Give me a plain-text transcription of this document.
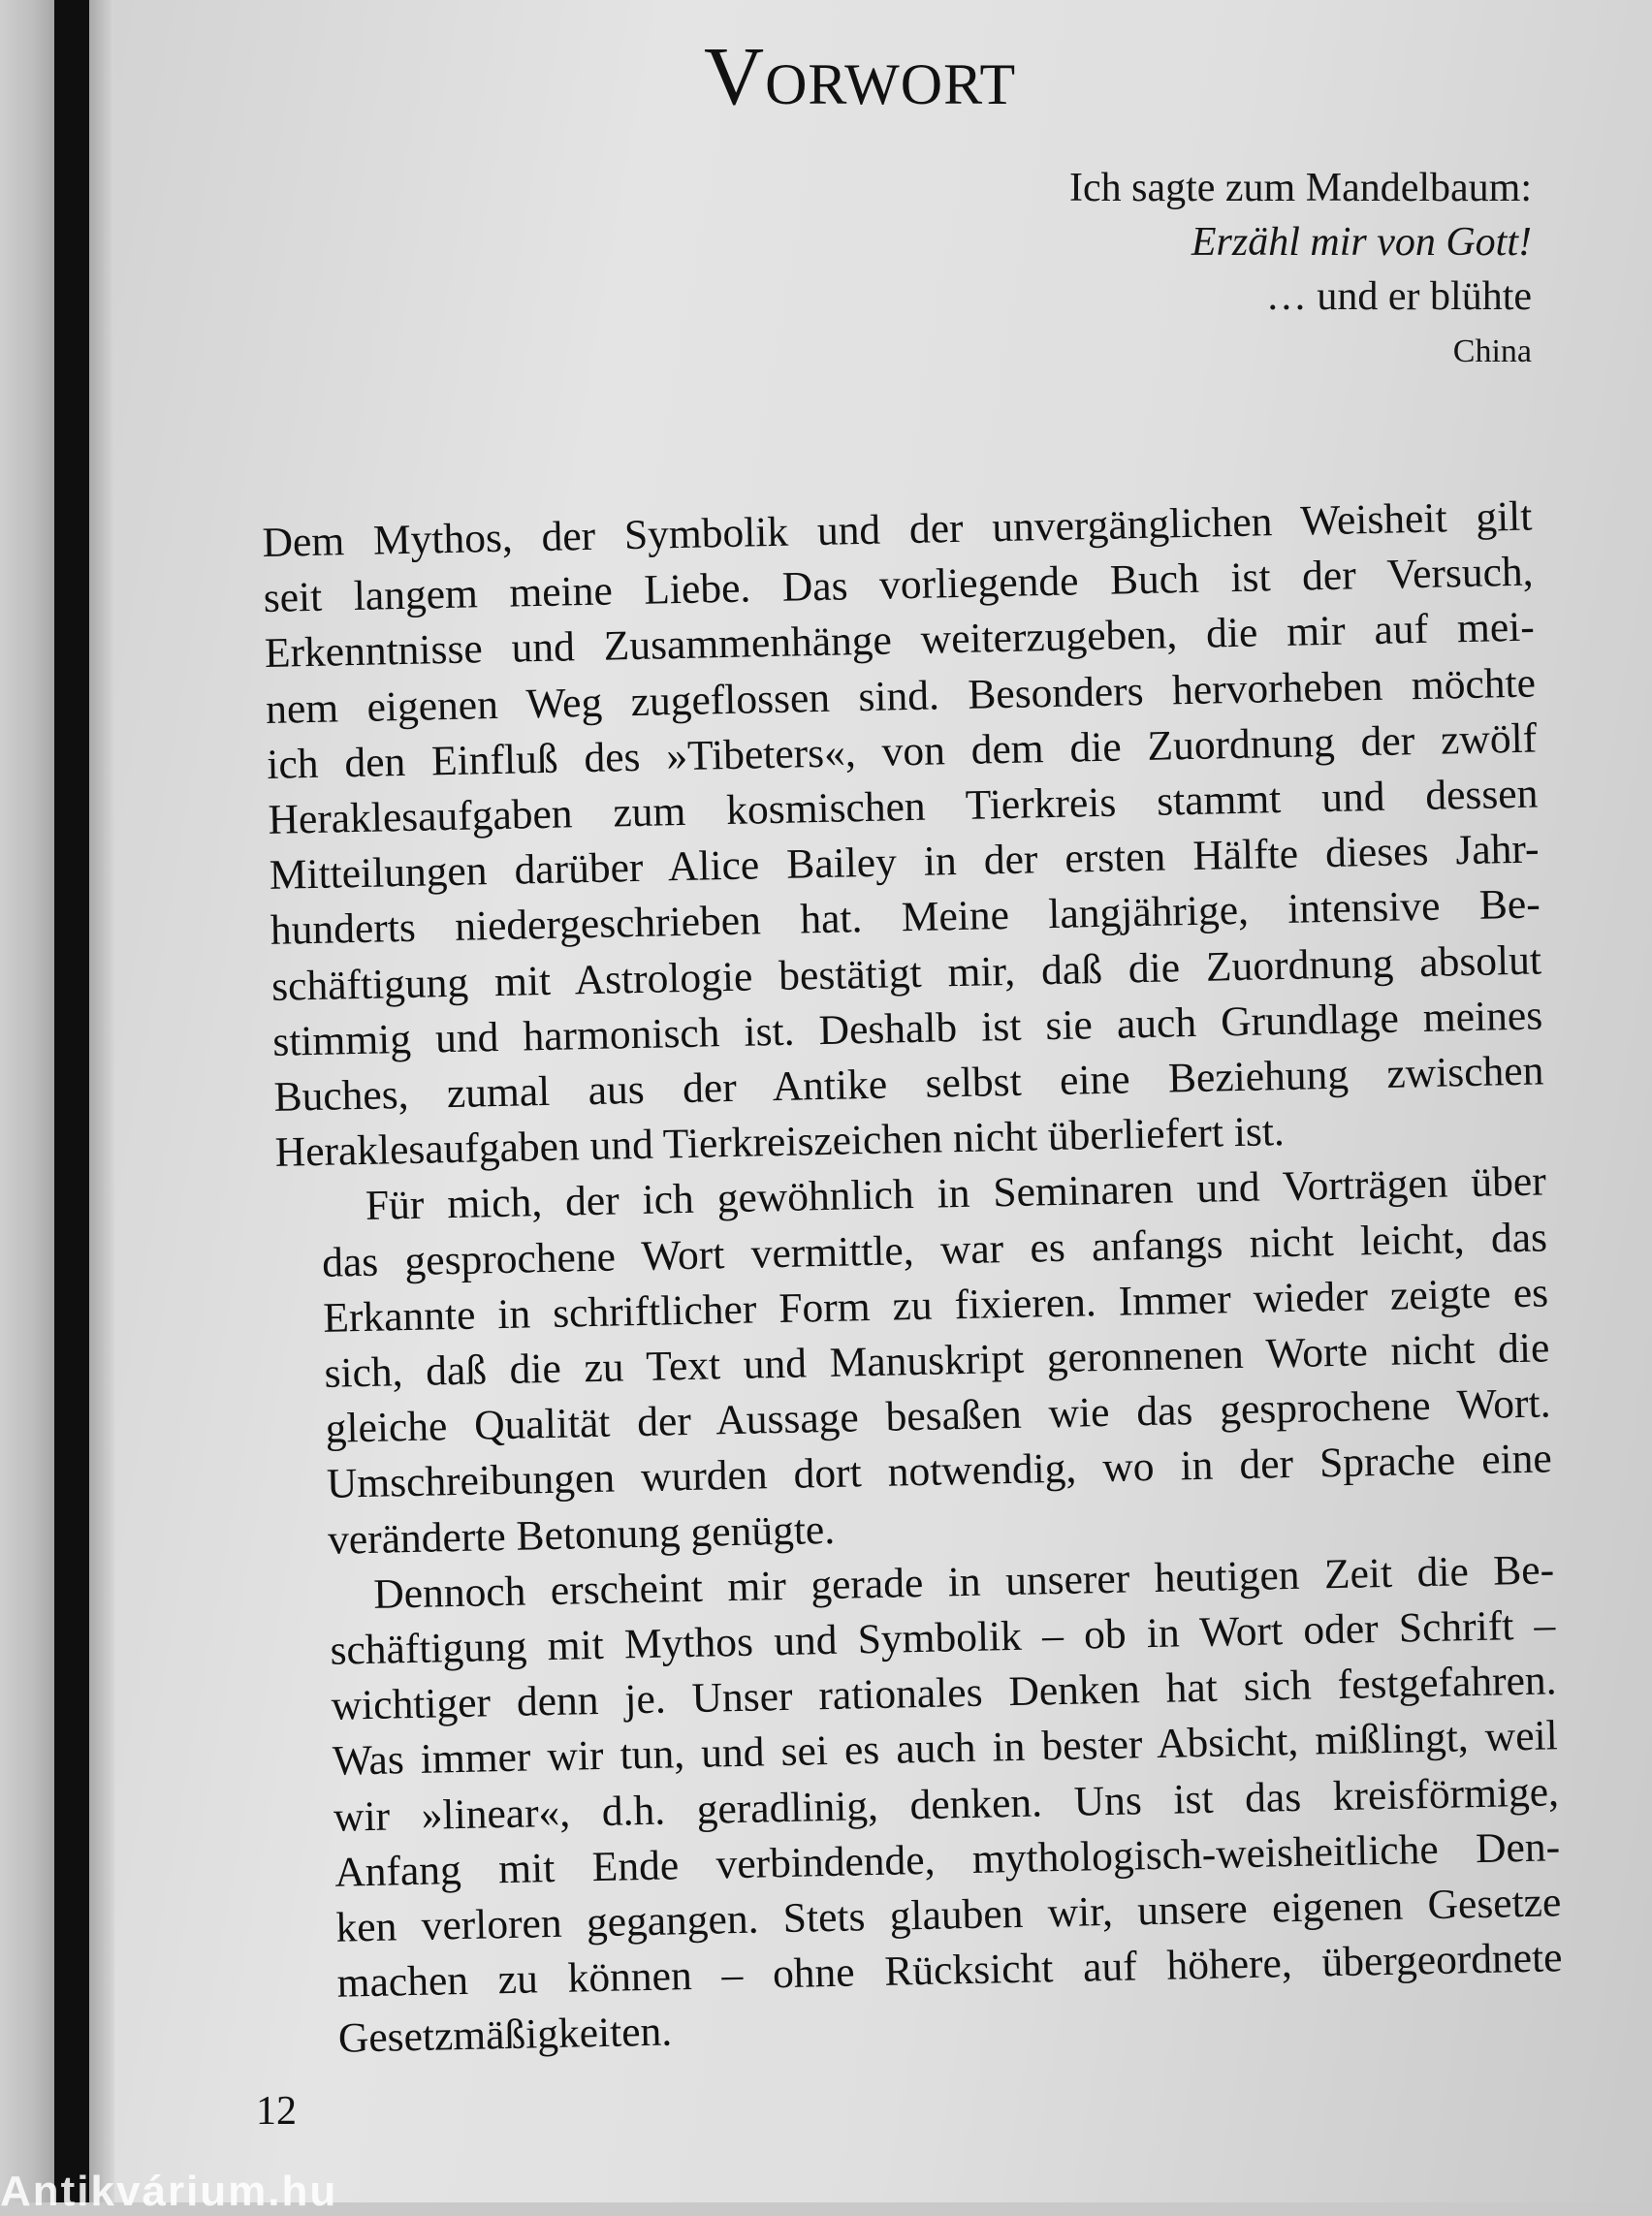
Vorwort
Ich sagte zum Mandelbaum:
Erzähl mir von Gott!
… und er blühte
China

Dem Mythos, der Symbolik und der unvergänglichen Weisheit gilt
seit langem meine Liebe. Das vorliegende Buch ist der Versuch,
Erkenntnisse und Zusammenhänge weiterzugeben, die mir auf mei-
nem eigenen Weg zugeflossen sind. Besonders hervorheben möchte
ich den Einfluß des »Tibeters«, von dem die Zuordnung der zwölf
Heraklesaufgaben zum kosmischen Tierkreis stammt und dessen
Mitteilungen darüber Alice Bailey in der ersten Hälfte dieses Jahr-
hunderts niedergeschrieben hat. Meine langjährige, intensive Be-
schäftigung mit Astrologie bestätigt mir, daß die Zuordnung absolut
stimmig und harmonisch ist. Deshalb ist sie auch Grundlage meines
Buches, zumal aus der Antike selbst eine Beziehung zwischen
Heraklesaufgaben und Tierkreiszeichen nicht überliefert ist.

Für mich, der ich gewöhnlich in Seminaren und Vorträgen über
das gesprochene Wort vermittle, war es anfangs nicht leicht, das
Erkannte in schriftlicher Form zu fixieren. Immer wieder zeigte es
sich, daß die zu Text und Manuskript geronnenen Worte nicht die
gleiche Qualität der Aussage besaßen wie das gesprochene Wort.
Umschreibungen wurden dort notwendig, wo in der Sprache eine
veränderte Betonung genügte.

Dennoch erscheint mir gerade in unserer heutigen Zeit die Be-
schäftigung mit Mythos und Symbolik – ob in Wort oder Schrift –
wichtiger denn je. Unser rationales Denken hat sich festgefahren.
Was immer wir tun, und sei es auch in bester Absicht, mißlingt, weil
wir »linear«, d.h. geradlinig, denken. Uns ist das kreisförmige,
Anfang mit Ende verbindende, mythologisch-weisheitliche Den-
ken verloren gegangen. Stets glauben wir, unsere eigenen Gesetze
machen zu können – ohne Rücksicht auf höhere, übergeordnete
Gesetzmäßigkeiten.

12
Antikvárium.hu
